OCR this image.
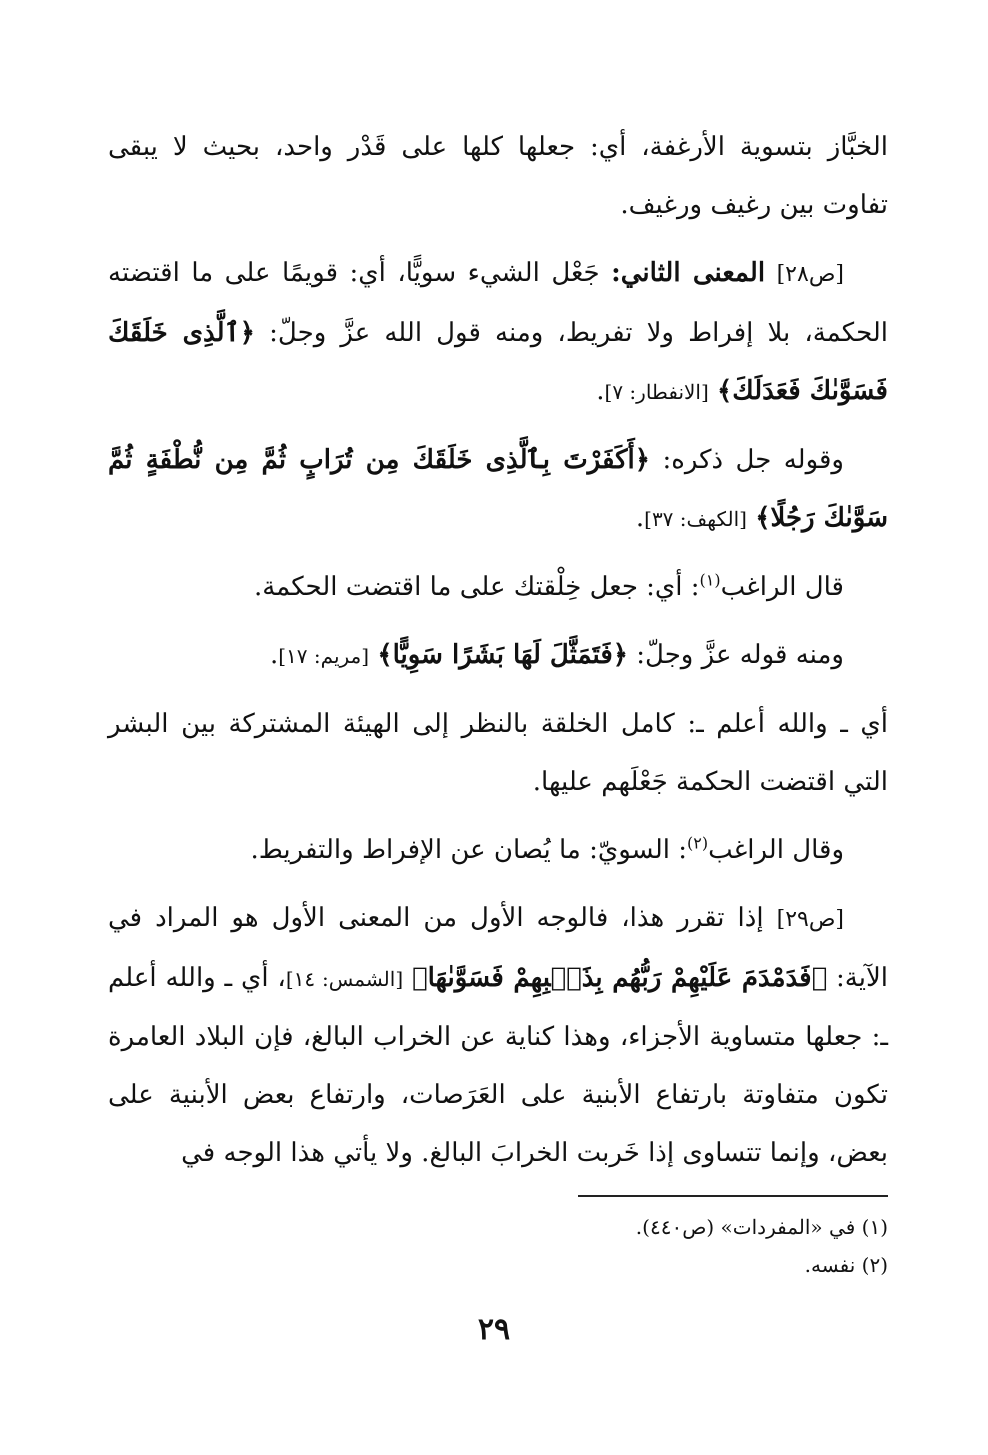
الخبَّاز بتسوية الأرغفة، أي: جعلها كلها على قَدْر واحد، بحيث لا يبقى تفاوت بين رغيف ورغيف.

[ص٢٨] المعنى الثاني: جَعْل الشيء سويًّا، أي: قويمًا على ما اقتضته الحكمة، بلا إفراط ولا تفريط، ومنه قول الله عزَّ وجلّ: ﴿ٱلَّذِى خَلَقَكَ فَسَوَّىٰكَ فَعَدَلَكَ﴾ [الانفطار: ٧].

وقوله جل ذكره: ﴿أَكَفَرْتَ بِٱلَّذِى خَلَقَكَ مِن تُرَابٍ ثُمَّ مِن نُّطْفَةٍ ثُمَّ سَوَّىٰكَ رَجُلًا﴾ [الكهف: ٣٧].

قال الراغب$^{(١)}$: أي: جعل خِلْقتك على ما اقتضت الحكمة.

ومنه قوله عزَّ وجلّ: ﴿فَتَمَثَّلَ لَهَا بَشَرًا سَوِيًّا﴾ [مريم: ١٧].

أي ـ والله أعلم ـ: كامل الخلقة بالنظر إلى الهيئة المشتركة بين البشر التي اقتضت الحكمة جَعْلَهم عليها.

وقال الراغب$^{(٢)}$: السويّ: ما يُصان عن الإفراط والتفريط.

[ص٢٩] إذا تقرر هذا، فالوجه الأول من المعنى الأول هو المراد في الآية: ﴿فَدَمْدَمَ عَلَيْهِمْ رَبُّهُم بِذَنۢبِهِمْ فَسَوَّىٰهَا﴾ [الشمس: ١٤]، أي ـ والله أعلم ـ: جعلها متساوية الأجزاء، وهذا كناية عن الخراب البالغ، فإن البلاد العامرة تكون متفاوتة بارتفاع الأبنية على العَرَصات، وارتفاع بعض الأبنية على بعض، وإنما تتساوى إذا خَربت الخرابَ البالغ. ولا يأتي هذا الوجه في

(١) في «المفردات» (ص٤٤٠).

(٢) نفسه.

٢٩
